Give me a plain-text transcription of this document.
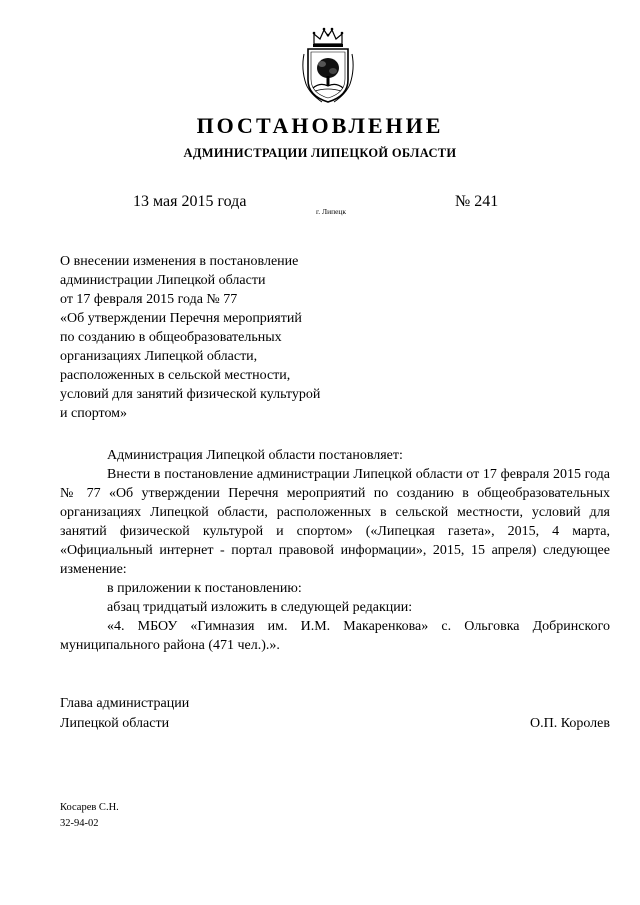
ПОСТАНОВЛЕНИЕ
АДМИНИСТРАЦИИ ЛИПЕЦКОЙ ОБЛАСТИ
13 мая 2015 года
г. Липецк
№ 241
О внесении изменения в постановление
администрации Липецкой области
от 17 февраля 2015 года № 77
«Об утверждении Перечня мероприятий
по созданию в общеобразовательных
организациях Липецкой области,
расположенных в сельской местности,
условий для занятий физической культурой
и спортом»

Администрация Липецкой области постановляет:

Внести в постановление администрации Липецкой области от 17 февраля 2015 года № 77 «Об утверждении Перечня мероприятий по созданию в общеобразовательных организациях Липецкой области, расположенных в сельской местности, условий для занятий физической культурой и спортом» («Липецкая газета», 2015, 4 марта, «Официальный интернет - портал правовой информации», 2015, 15 апреля) следующее изменение:

в приложении к постановлению:

абзац тридцатый изложить в следующей редакции:

«4. МБОУ «Гимназия им. И.М. Макаренкова» с. Ольговка Добринского муниципального района (471 чел.).».

Глава администрации
Липецкой области	О.П. Королев
Косарев С.Н.
32-94-02
